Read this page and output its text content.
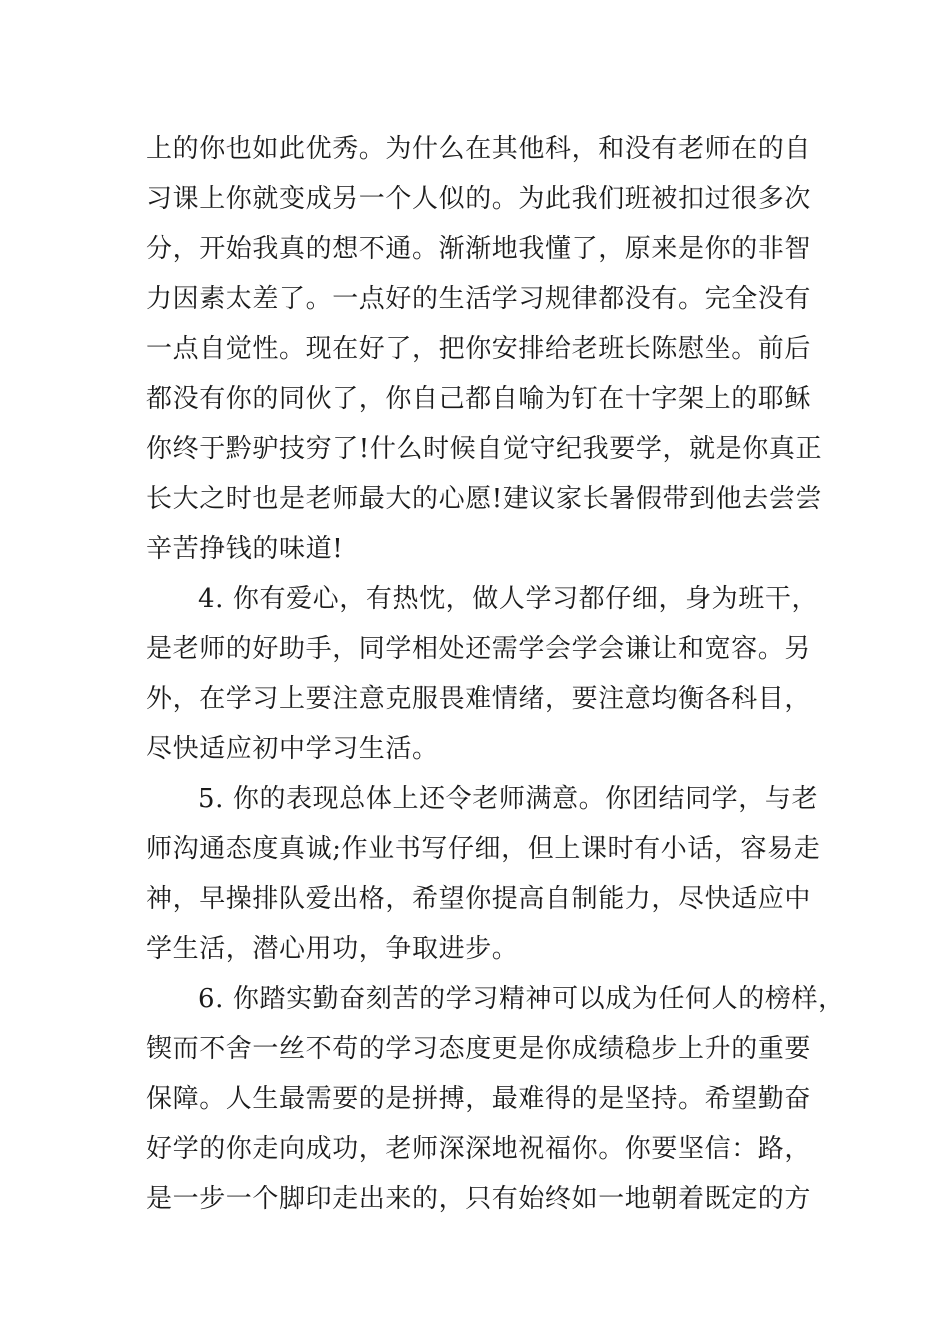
上的你也如此优秀。为什么在其他科，和没有老师在的自
习课上你就变成另一个人似的。为此我们班被扣过很多次
分，开始我真的想不通。渐渐地我懂了，原来是你的非智
力因素太差了。一点好的生活学习规律都没有。完全没有
一点自觉性。现在好了，把你安排给老班长陈慰坐。前后
都没有你的同伙了，你自己都自喻为钉在十字架上的耶稣
你终于黔驴技穷了!什么时候自觉守纪我要学，就是你真正
长大之时也是老师最大的心愿!建议家长暑假带到他去尝尝
辛苦挣钱的味道!
4. 你有爱心，有热忱，做人学习都仔细，身为班干，
是老师的好助手，同学相处还需学会学会谦让和宽容。另
外，在学习上要注意克服畏难情绪，要注意均衡各科目，
尽快适应初中学习生活。
5. 你的表现总体上还令老师满意。你团结同学，与老
师沟通态度真诚;作业书写仔细，但上课时有小话，容易走
神，早操排队爱出格，希望你提高自制能力，尽快适应中
学生活，潜心用功，争取进步。
6. 你踏实勤奋刻苦的学习精神可以成为任何人的榜样，
锲而不舍一丝不苟的学习态度更是你成绩稳步上升的重要
保障。人生最需要的是拼搏，最难得的是坚持。希望勤奋
好学的你走向成功，老师深深地祝福你。你要坚信：路，
是一步一个脚印走出来的，只有始终如一地朝着既定的方
